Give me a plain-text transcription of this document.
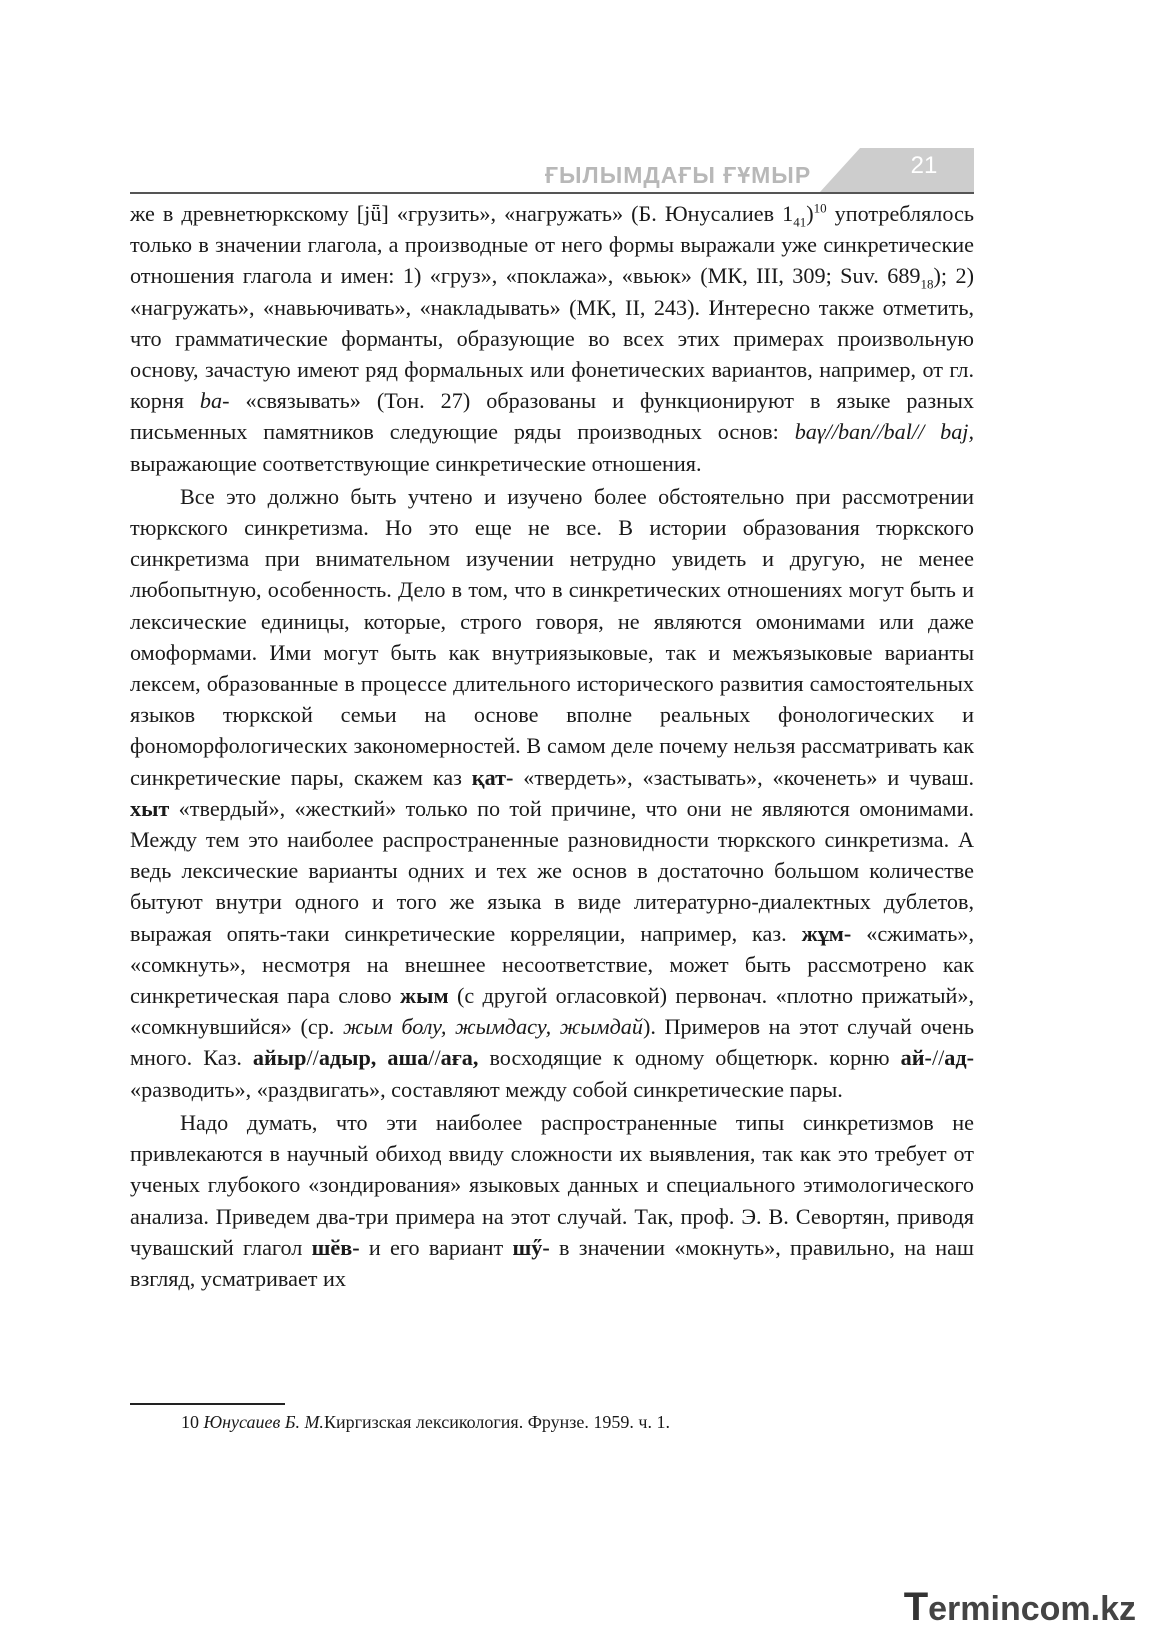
ҒЫЛЫМДАҒЫ ҒҰМЫР	21

же в древнетюркскому [jǖ] «грузить», «нагружать» (Б. Юнусалиев $1_{41})^{10}$ употреблялось только в значении глагола, а производные от него формы выражали уже синкретические отношения глагола и имен: 1) «груз», «поклажа», «вьюк» (МК, III, 309; Suv. $689_{18}$); 2) «нагружать», «навьючивать», «накладывать» (МК, II, 243). Интересно также отметить, что грамматические форманты, образующие во всех этих примерах произвольную основу, зачастую имеют ряд формальных или фонетических вариантов, например, от гл. корня ba- «связывать» (Тон. 27) образованы и функционируют в языке разных письменных памятников следующие ряды производных основ: baγ//ban//bal// baj, выражающие соответствующие синкретические отношения.

Все это должно быть учтено и изучено более обстоятельно при рассмотрении тюркского синкретизма. Но это еще не все. В истории образования тюркского синкретизма при внимательном изучении нетрудно увидеть и другую, не менее любопытную, особенность. Дело в том, что в синкретических отношениях могут быть и лексические единицы, которые, строго говоря, не являются омонимами или даже омоформами. Ими могут быть как внутриязыковые, так и межъязыковые варианты лексем, образованные в процессе длительного исторического развития самостоятельных языков тюркской семьи на основе вполне реальных фонологических и фономорфологических закономерностей. В самом деле почему нельзя рассматривать как синкретические пары, скажем каз қат- «твердеть», «застывать», «коченеть» и чуваш. хыт «твердый», «жесткий» только по той причине, что они не являются омонимами. Между тем это наиболее распространенные разновидности тюркского синкретизма. А ведь лексические варианты одних и тех же основ в достаточно большом количестве бытуют внутри одного и того же языка в виде литературно-диалектных дублетов, выражая опять-таки синкретические корреляции, например, каз. жұм- «сжимать», «сомкнуть», несмотря на внешнее несоответствие, может быть рассмотрено как синкретическая пара слово жым (с другой огласовкой) первонач. «плотно прижатый», «сомкнувшийся» (ср. жым болу, жымдасу, жымдай). Примеров на этот случай очень много. Каз. айыр//адыр, аша//аға, восходящие к одному общетюрк. корню ай-//ад- «разводить», «раздвигать», составляют между собой синкретические пары.

Надо думать, что эти наиболее распространенные типы синкретизмов не привлекаются в научный обиход ввиду сложности их выявления, так как это требует от ученых глубокого «зондирования» языковых данных и специального этимологического анализа. Приведем два-три примера на этот случай. Так, проф. Э. В. Севортян, приводя чувашский глагол шӗв- и его вариант шӳ- в значении «мокнуть», правильно, на наш взгляд, усматривает их

10 Юнусаиев Б. М.Киргизская лексикология. Фрунзе. 1959. ч. 1.
Termincom.kz
